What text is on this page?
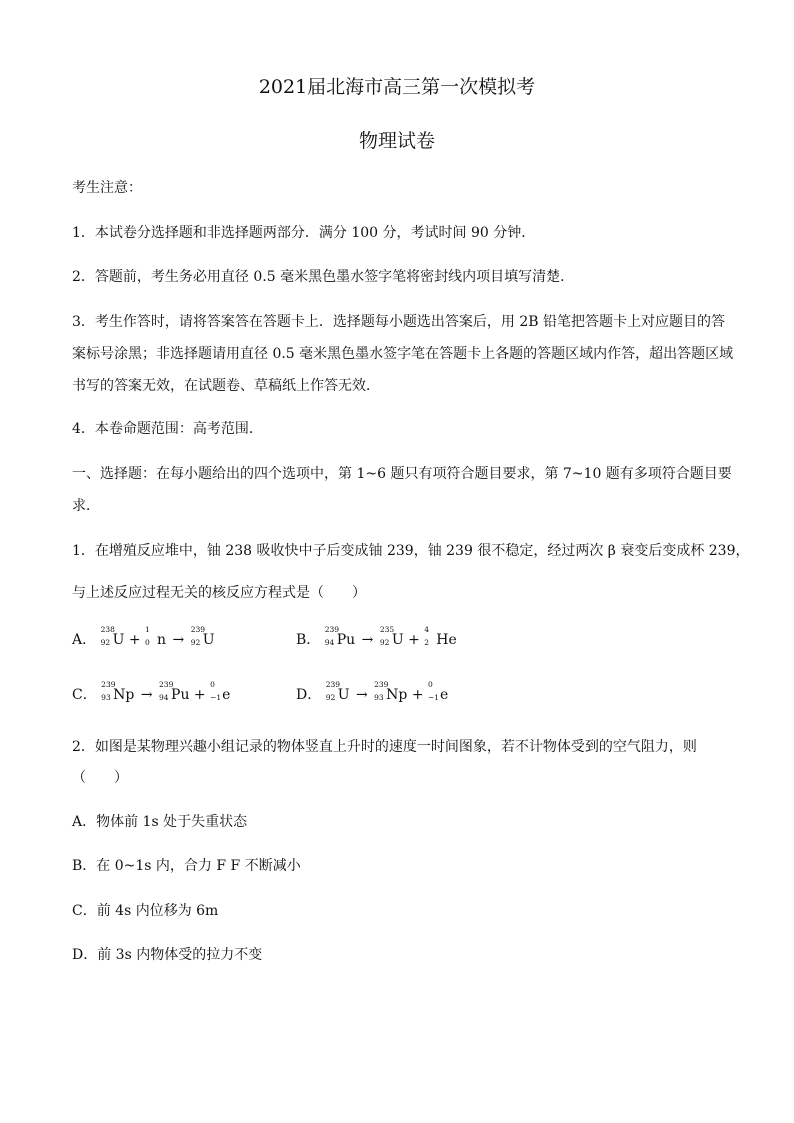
2021届北海市高三第一次模拟考
物理试卷
考生注意：
1．本试卷分选择题和非选择题两部分．满分 100 分，考试时间 90 分钟．
2．答题前，考生务必用直径 0.5 毫米黑色墨水签字笔将密封线内项目填写清楚．
3．考生作答时，请将答案答在答题卡上．选择题每小题选出答案后，用 2B 铅笔把答题卡上对应题目的答
案标号涂黑；非选择题请用直径 0.5 毫米黑色墨水签字笔在答题卡上各题的答题区域内作答，超出答题区域
书写的答案无效，在试题卷、草稿纸上作答无效．
4．本卷命题范围：高考范围．
一、选择题：在每小题给出的四个选项中，第 1~6 题只有项符合题目要求，第 7~10 题有多项符合题目要
求．
1．在增殖反应堆中，铀 238 吸收快中子后变成铀 239，铀 239 很不稳定，经过两次 β 衰变后变成杯 239，
与上述反应过程无关的核反应方程式是（　　）
A．
238
92 U +
1
0 n →
239
92 U	B．
239
94 Pu →
235
92 U +
4
2 He
C．
239
93 Np →
239
94 Pu +
0
−1 e	D．
239
92 U →
239
93 Np +
0
−1 e
2．如图是某物理兴趣小组记录的物体竖直上升时的速度一时间图象，若不计物体受到的空气阻力，则
（　　）
A．物体前 1s 处于失重状态
B．在 0~1s 内，合力 F F 不断减小
C．前 4s 内位移为 6m
D．前 3s 内物体受的拉力不变
